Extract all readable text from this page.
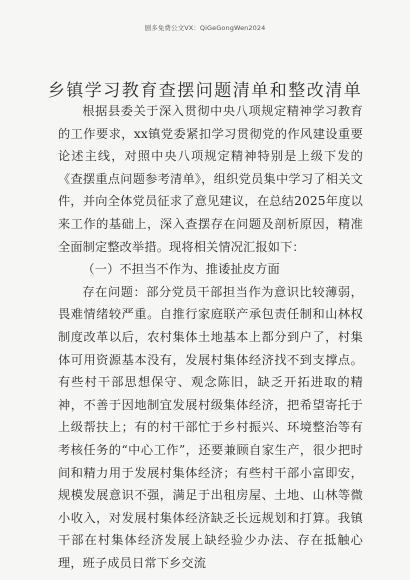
剧多免费公文VX：QiGeGongWen2024
乡镇学习教育查摆问题清单和整改清单

根据县委关于深入贯彻中央八项规定精神学习教育的工作要求，xx镇党委紧扣学习贯彻党的作风建设重要论述主线，对照中央八项规定精神特别是上级下发的《查摆重点问题参考清单》，组织党员集中学习了相关文件，并向全体党员征求了意见建议，在总结2025年度以来工作的基础上，深入查摆存在问题及剖析原因，精准全面制定整改举措。现将相关情况汇报如下：

（一）不担当不作为、推诿扯皮方面

存在问题：部分党员干部担当作为意识比较薄弱，畏难情绪较严重。自推行家庭联产承包责任制和山林权制度改革以后，农村集体土地基本上都分到户了，村集体可用资源基本没有，发展村集体经济找不到支撑点。有些村干部思想保守、观念陈旧，缺乏开拓进取的精神，不善于因地制宜发展村级集体经济，把希望寄托于上级帮扶上；有的村干部忙于乡村振兴、环境整治等有考核任务的“中心工作”，还要兼顾自家生产，很少把时间和精力用于发展村集体经济；有些村干部小富即安，规模发展意识不强，满足于出租房屋、土地、山林等微小收入，对发展村集体经济缺乏长远规划和打算。我镇干部在村集体经济发展上缺经验少办法、存在抵触心理，班子成员日常下乡交流
